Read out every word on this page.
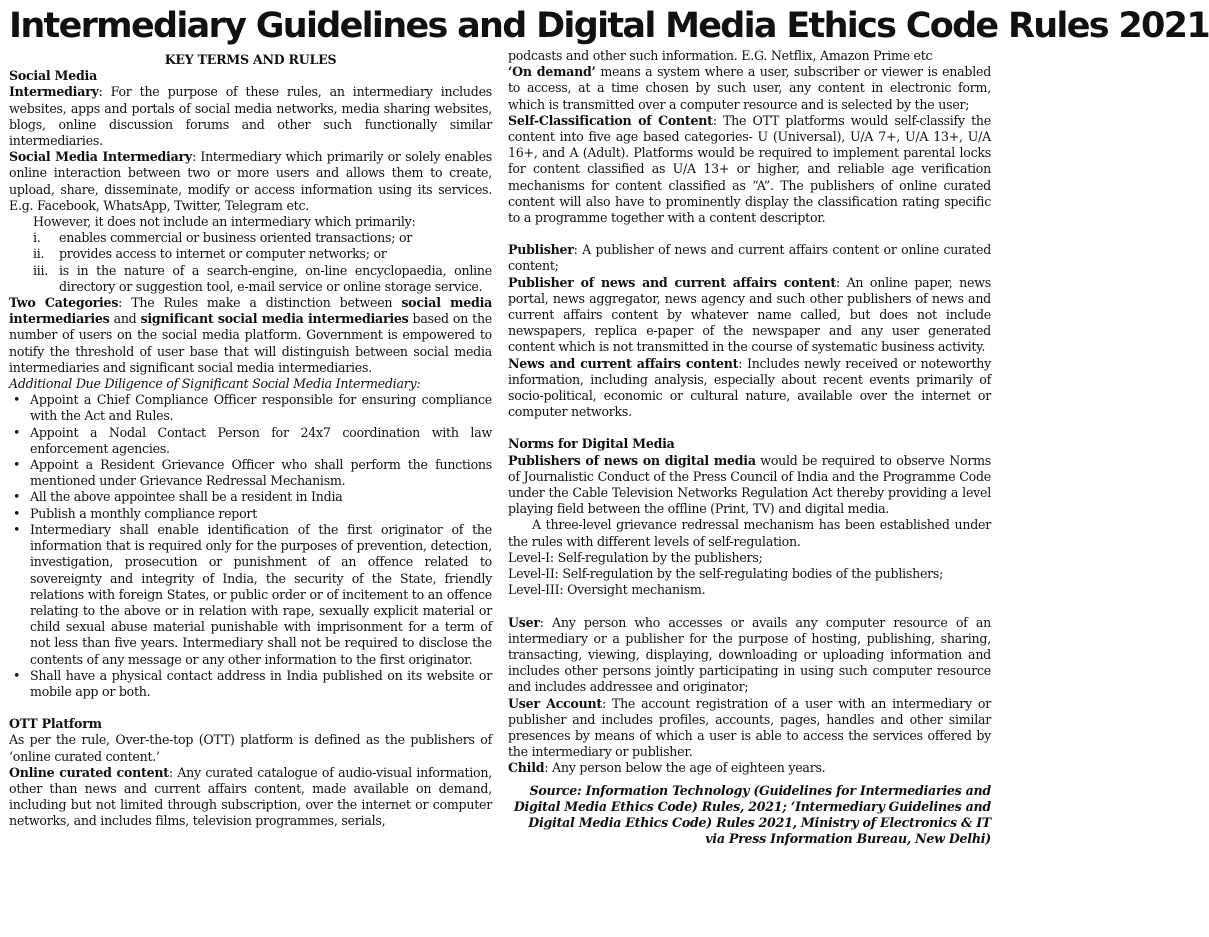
Intermediary Guidelines and Digital Media Ethics Code Rules 2021

KEY TERMS AND RULES

Social Media

Intermediary: For the purpose of these rules, an intermediary includes websites, apps and portals of social media networks, media sharing websites, blogs, online discussion forums and other such functionally similar intermediaries.

Social Media Intermediary: Intermediary which primarily or solely enables online interaction between two or more users and allows them to create, upload, share, disseminate, modify or access information using its services. E.g. Facebook, WhatsApp, Twitter, Telegram etc.

However, it does not include an intermediary which primarily:

i. enables commercial or business oriented transactions; or
ii. provides access to internet or computer networks; or
iii. is in the nature of a search-engine, on-line encyclopaedia, online directory or suggestion tool, e-mail service or online storage service.

Two Categories: The Rules make a distinction between social media intermediaries and significant social media intermediaries based on the number of users on the social media platform. Government is empowered to notify the threshold of user base that will distinguish between social media intermediaries and significant social media intermediaries.

Additional Due Diligence of Significant Social Media Intermediary:

• Appoint a Chief Compliance Officer responsible for ensuring compliance with the Act and Rules.
• Appoint a Nodal Contact Person for 24x7 coordination with law enforcement agencies.
• Appoint a Resident Grievance Officer who shall perform the functions mentioned under Grievance Redressal Mechanism.
• All the above appointee shall be a resident in India
• Publish a monthly compliance report
• Intermediary shall enable identification of the first originator of the information that is required only for the purposes of prevention, detection, investigation, prosecution or punishment of an offence related to sovereignty and integrity of India, the security of the State, friendly relations with foreign States, or public order or of incitement to an offence relating to the above or in relation with rape, sexually explicit material or child sexual abuse material punishable with imprisonment for a term of not less than five years. Intermediary shall not be required to disclose the contents of any message or any other information to the first originator.
• Shall have a physical contact address in India published on its website or mobile app or both.

OTT Platform

As per the rule, Over-the-top (OTT) platform is defined as the publishers of ‘online curated content.’

Online curated content: Any curated catalogue of audio-visual information, other than news and current affairs content, made available on demand, including but not limited through subscription, over the internet or computer networks, and includes films, television programmes, serials,

podcasts and other such information. E.G. Netflix, Amazon Prime etc

‘On demand’ means a system where a user, subscriber or viewer is enabled to access, at a time chosen by such user, any content in electronic form, which is transmitted over a computer resource and is selected by the user;

Self-Classification of Content: The OTT platforms would self-classify the content into five age based categories- U (Universal), U/A 7+, U/A 13+, U/A 16+, and A (Adult). Platforms would be required to implement parental locks for content classified as U/A 13+ or higher, and reliable age verification mechanisms for content classified as “A”. The publishers of online curated content will also have to prominently display the classification rating specific to a programme together with a content descriptor.

Publisher: A publisher of news and current affairs content or online curated content;

Publisher of news and current affairs content: An online paper, news portal, news aggregator, news agency and such other publishers of news and current affairs content by whatever name called, but does not include newspapers, replica e-paper of the newspaper and any user generated content which is not transmitted in the course of systematic business activity.

News and current affairs content: Includes newly received or noteworthy information, including analysis, especially about recent events primarily of socio-political, economic or cultural nature, available over the internet or computer networks.

Norms for Digital Media

Publishers of news on digital media would be required to observe Norms of Journalistic Conduct of the Press Council of India and the Programme Code under the Cable Television Networks Regulation Act thereby providing a level playing field between the offline (Print, TV) and digital media.

A three-level grievance redressal mechanism has been established under the rules with different levels of self-regulation.

Level-I: Self-regulation by the publishers;

Level-II: Self-regulation by the self-regulating bodies of the publishers;

Level-III: Oversight mechanism.

User: Any person who accesses or avails any computer resource of an intermediary or a publisher for the purpose of hosting, publishing, sharing, transacting, viewing, displaying, downloading or uploading information and includes other persons jointly participating in using such computer resource and includes addressee and originator;

User Account: The account registration of a user with an intermediary or publisher and includes profiles, accounts, pages, handles and other similar presences by means of which a user is able to access the services offered by the intermediary or publisher.

Child: Any person below the age of eighteen years.

Source: Information Technology (Guidelines for Intermediaries and Digital Media Ethics Code) Rules, 2021; ‘Intermediary Guidelines and Digital Media Ethics Code) Rules 2021, Ministry of Electronics & IT via Press Information Bureau, New Delhi)
